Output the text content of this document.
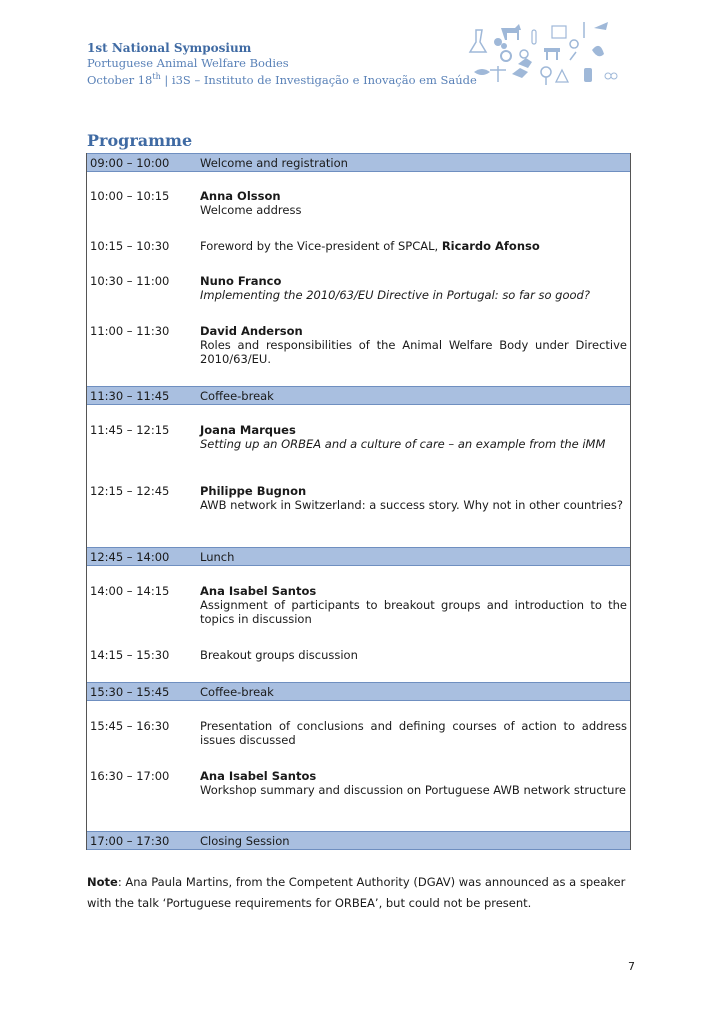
1st National Symposium
Portuguese Animal Welfare Bodies
October 18th | i3S – Instituto de Investigação e Inovação em Saúde
Programme
09:00 – 10:00	Welcome and registration
10:00 – 10:15	Anna Olsson
Welcome address
10:15 – 10:30	Foreword by the Vice-president of SPCAL, Ricardo Afonso
10:30 – 11:00	Nuno Franco
Implementing the 2010/63/EU Directive in Portugal: so far so good?
11:00 – 11:30	David Anderson
Roles and responsibilities of the Animal Welfare Body under Directive 2010/63/EU.
11:30 – 11:45	Coffee-break
11:45 – 12:15	Joana Marques
Setting up an ORBEA and a culture of care – an example from the iMM
12:15 – 12:45	Philippe Bugnon
AWB network in Switzerland: a success story. Why not in other countries?
12:45 – 14:00	Lunch
14:00 – 14:15	Ana Isabel Santos
Assignment of participants to breakout groups and introduction to the topics in discussion
14:15 – 15:30	Breakout groups discussion
15:30 – 15:45	Coffee-break
15:45 – 16:30	Presentation of conclusions and defining courses of action to address issues discussed
16:30 – 17:00	Ana Isabel Santos
Workshop summary and discussion on Portuguese AWB network structure
17:00 – 17:30	Closing Session
Note: Ana Paula Martins, from the Competent Authority (DGAV) was announced as a speaker with the talk ‘Portuguese requirements for ORBEA’, but could not be present.
7
